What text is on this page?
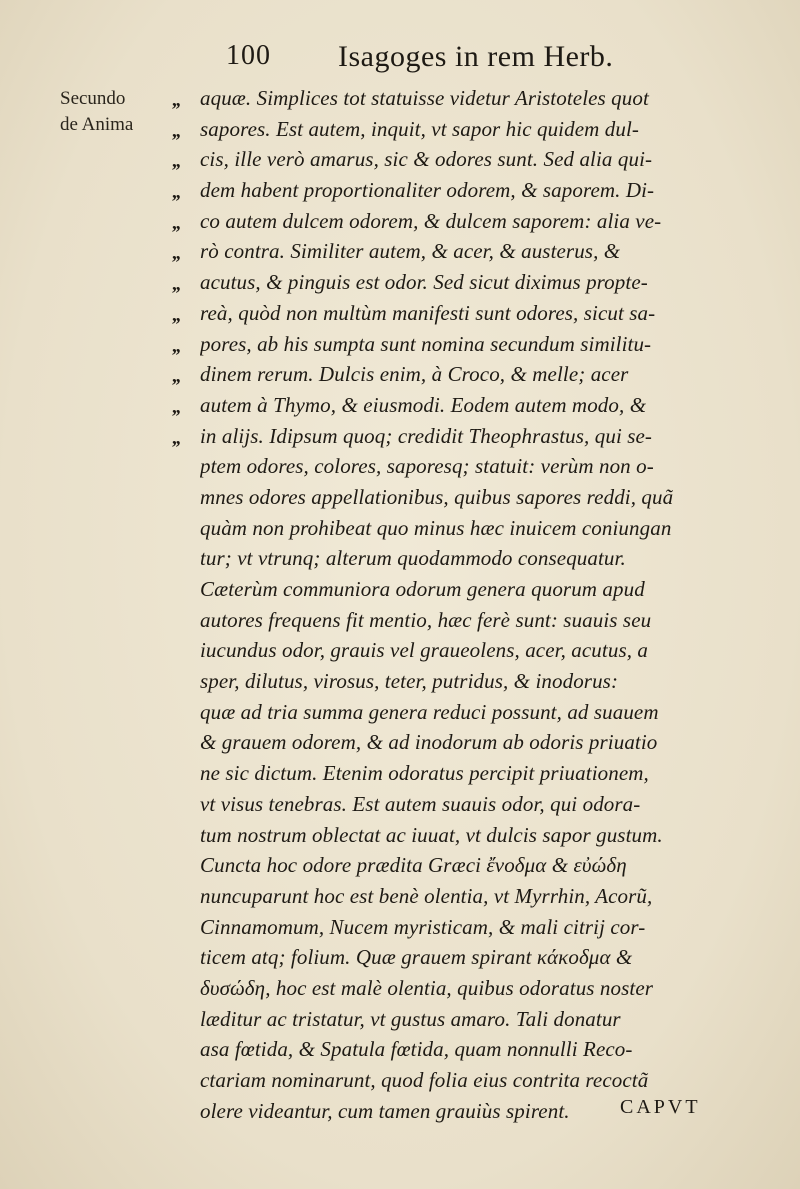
100 Isagoges in rem Herb.
Secundo
de Anima
,,
,,
,,
,,
,,
,,
,,
,,
,,
,,
,,
,,
aquæ. Simplices tot statuisse videtur Aristoteles quot
sapores. Est autem, inquit, vt sapor hic quidem dul-
cis, ille verò amarus, sic & odores sunt. Sed alia qui-
dem habent proportionaliter odorem, & saporem. Di-
co autem dulcem odorem, & dulcem saporem: alia ve-
rò contra. Similiter autem, & acer, & austerus, &
acutus, & pinguis est odor. Sed sicut diximus propte-
reà, quòd non multùm manifesti sunt odores, sicut sa-
pores, ab his sumpta sunt nomina secundum similitu-
dinem rerum. Dulcis enim, à Croco, & melle; acer
autem à Thymo, & eiusmodi. Eodem autem modo, &
in alijs. Idipsum quoq; credidit Theophrastus, qui se-
ptem odores, colores, saporesq; statuit: verùm non o-
mnes odores appellationibus, quibus sapores reddi, quã
quàm non prohibeat quo minus hæc inuicem coniungan
tur; vt vtrunq; alterum quodammodo consequatur.
Cæterùm communiora odorum genera quorum apud
autores frequens fit mentio, hæc ferè sunt: suauis seu
iucundus odor, grauis vel graueolens, acer, acutus, a
sper, dilutus, virosus, teter, putridus, & inodorus:
quæ ad tria summa genera reduci possunt, ad suauem
& grauem odorem, & ad inodorum ab odoris priuatio
ne sic dictum. Etenim odoratus percipit priuationem,
vt visus tenebras. Est autem suauis odor, qui odora-
tum nostrum oblectat ac iuuat, vt dulcis sapor gustum.
Cuncta hoc odore prædita Græci ἔνοδμα & εὐώδη
nuncuparunt hoc est benè olentia, vt Myrrhin, Acorũ,
Cinnamomum, Nucem myristicam, & mali citrij cor-
ticem atq; folium. Quæ grauem spirant κάκοδμα &
δυσώδη, hoc est malè olentia, quibus odoratus noster
læditur ac tristatur, vt gustus amaro. Tali donatur
asa fœtida, & Spatula fœtida, quam nonnulli Reco-
ctariam nominarunt, quod folia eius contrita recoctã
olere videantur, cum tamen grauiùs spirent.	CAPVT
